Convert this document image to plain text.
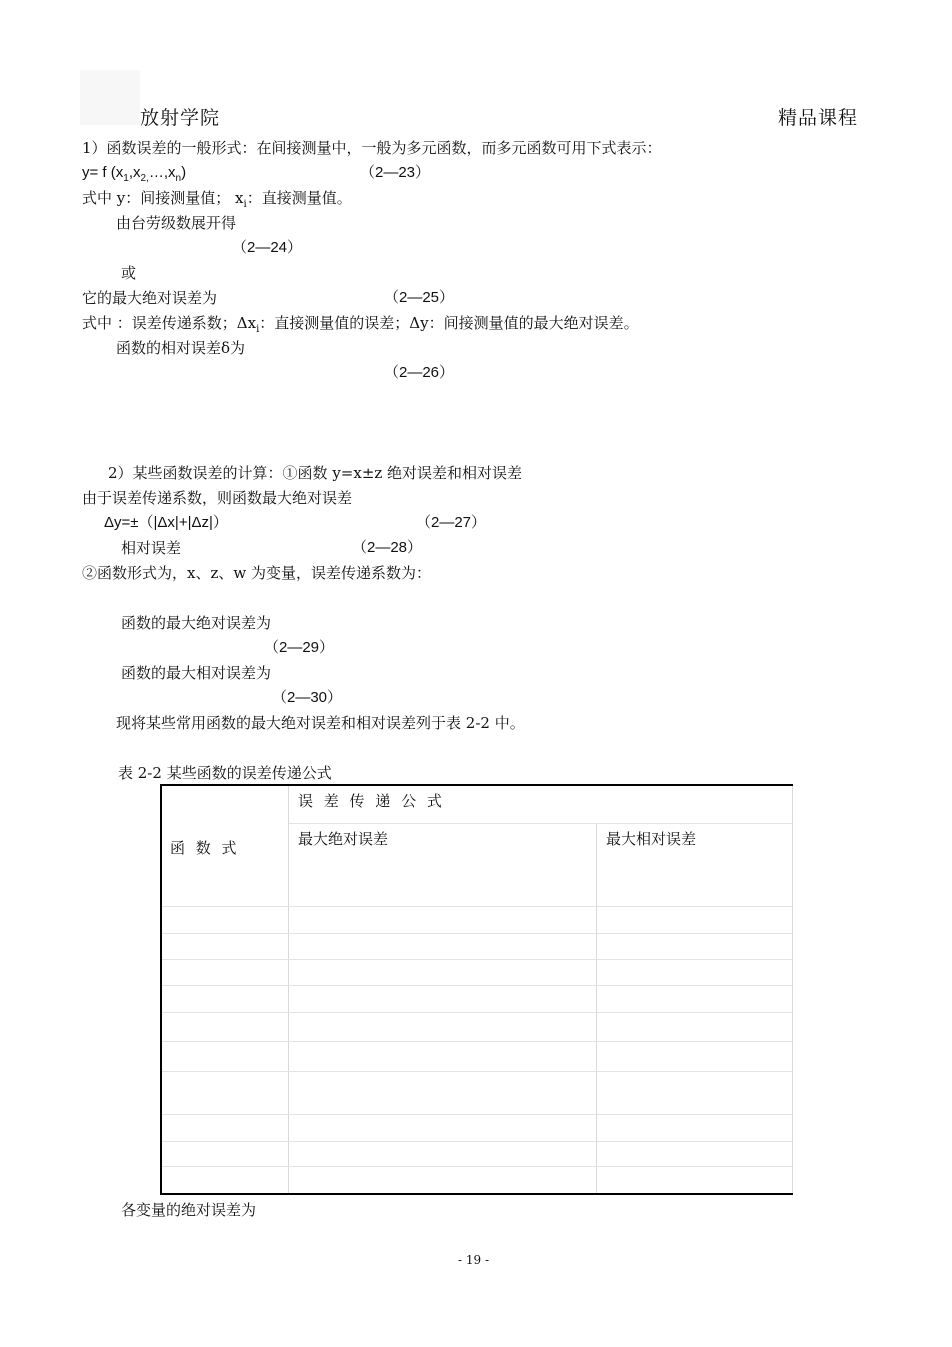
放射学院	精品课程
1）函数误差的一般形式：在间接测量中，一般为多元函数，而多元函数可用下式表示：
y= f $(x_1,x_{2,}\dots,x_n)$	（2—23）
式中 y：间接测量值； $x_i$：直接测量值。
由台劳级数展开得
（2—24）
或
它的最大绝对误差为	（2—25）
式中 ：误差传递系数；$\Delta x_i$：直接测量值的误差；Δy：间接测量值的最大绝对误差。
函数的相对误差δ为
（2—26）
2）某些函数误差的计算：①函数 y=x±z 绝对误差和相对误差
由于误差传递系数，则函数最大绝对误差
Δy=±（|Δx|+|Δz|）	（2—27）
相对误差	（2—28）
②函数形式为，x、z、w 为变量，误差传递系数为：
函数的最大绝对误差为
（2—29）
函数的最大相对误差为
（2—30）
现将某些常用函数的最大绝对误差和相对误差列于表 2-2 中。
表 2-2 某些函数的误差传递公式
函 数 式	误 差 传 递 公 式	

	最大绝对误差	最大相对误差

各变量的绝对误差为
- 19 -
